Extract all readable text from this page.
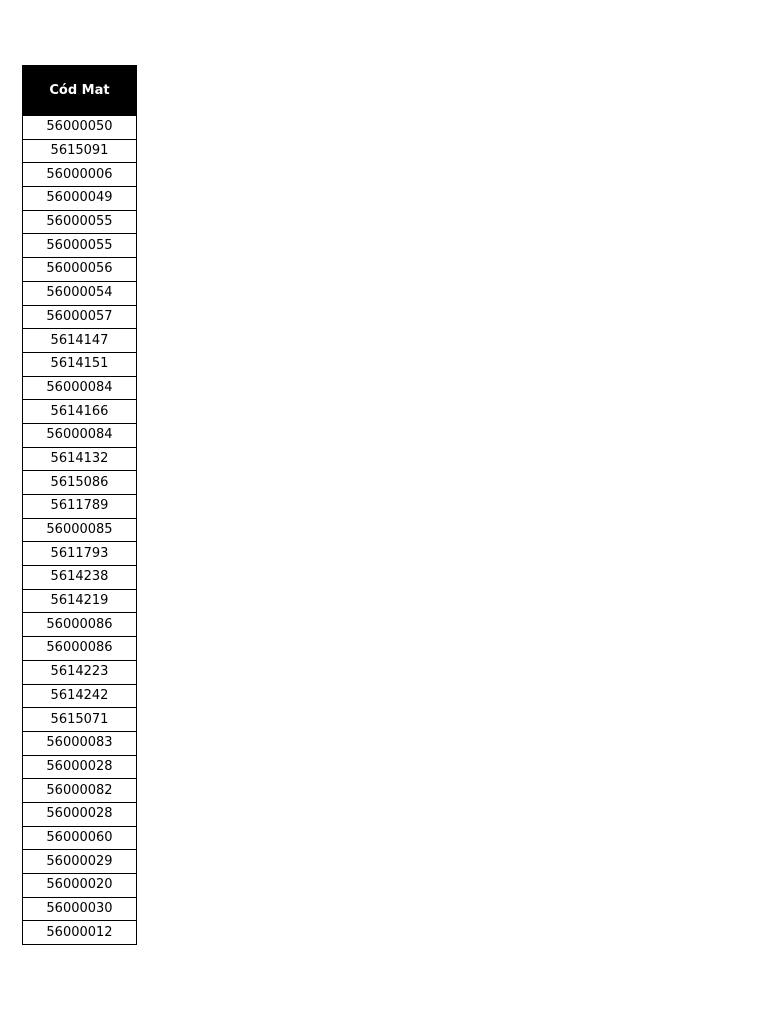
Cód Mat
56000050
5615091
56000006
56000049
56000055
56000055
56000056
56000054
56000057
5614147
5614151
56000084
5614166
56000084
5614132
5615086
5611789
56000085
5611793
5614238
5614219
56000086
56000086
5614223
5614242
5615071
56000083
56000028
56000082
56000028
56000060
56000029
56000020
56000030
56000012
